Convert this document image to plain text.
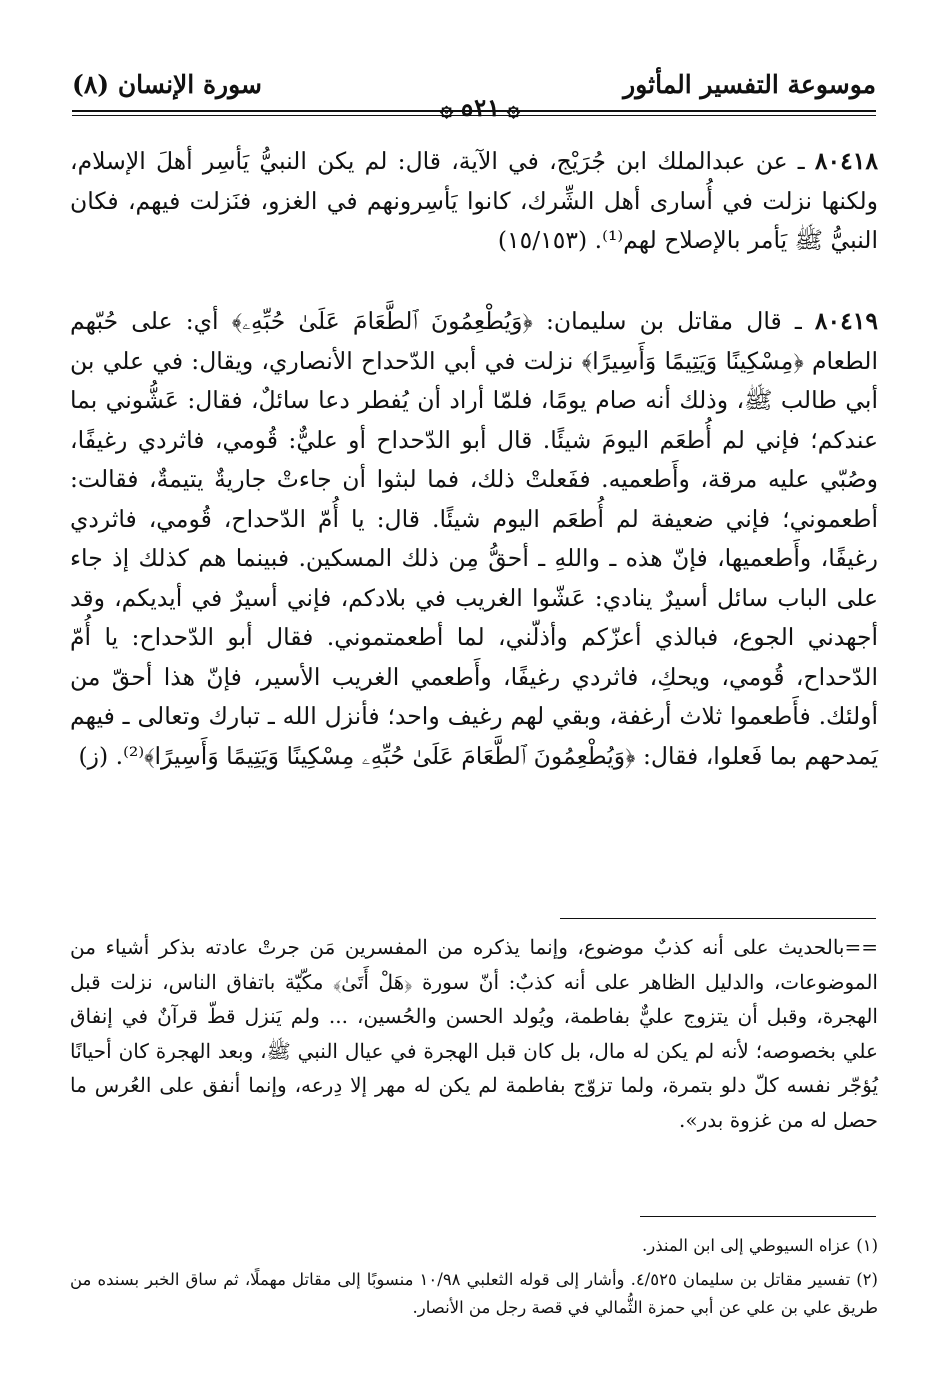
موسوعة التفسير المأثور
۞ ٥٢١ ۞
سورة الإنسان (٨)

٨٠٤١٨ ـ عن عبدالملك ابن جُرَيْج، في الآية، قال: لم يكن النبيُّ يَأسِر أهلَ الإسلام، ولكنها نزلت في أُسارى أهل الشِّرك، كانوا يَأسِرونهم في الغزو، فنَزلت فيهم، فكان النبيُّ ﷺ يَأمر بالإصلاح لهم⁽¹⁾. (١٥/١٥٣)

٨٠٤١٩ ـ قال مقاتل بن سليمان: ﴿وَيُطْعِمُونَ ٱلطَّعَامَ عَلَىٰ حُبِّهِۦ﴾ أي: على حُبّهم الطعام ﴿مِسْكِينًا وَيَتِيمًا وَأَسِيرًا﴾ نزلت في أبي الدّحداح الأنصاري، ويقال: في علي بن أبي طالب ﷺ، وذلك أنه صام يومًا، فلمّا أراد أن يُفطر دعا سائلٌ، فقال: عَشُّوني بما عندكم؛ فإني لم أُطعَم اليومَ شيئًا. قال أبو الدّحداح أو عليٌّ: قُومي، فاثردي رغيفًا، وصُبّي عليه مرقة، وأَطعميه. ففَعلتْ ذلك، فما لبثوا أن جاءتْ جاريةٌ يتيمةٌ، فقالت: أطعموني؛ فإني ضعيفة لم أُطعَم اليوم شيئًا. قال: يا أُمّ الدّحداح، قُومي، فاثردي رغيفًا، وأَطعميها، فإنّ هذه ـ واللهِ ـ أحقُّ مِن ذلك المسكين. فبينما هم كذلك إذ جاء على الباب سائل أسيرٌ ينادي: عَشّوا الغريب في بلادكم، فإني أسيرٌ في أيديكم، وقد أجهدني الجوع، فبالذي أعزّكم وأذلّني، لما أطعمتموني. فقال أبو الدّحداح: يا أُمّ الدّحداح، قُومي، ويحكِ، فاثردي رغيفًا، وأَطعمي الغريب الأسير، فإنّ هذا أحقّ من أولئك. فأَطعموا ثلاث أرغفة، وبقي لهم رغيف واحد؛ فأنزل الله ـ تبارك وتعالى ـ فيهم يَمدحهم بما فَعلوا، فقال: ﴿وَيُطْعِمُونَ ٱلطَّعَامَ عَلَىٰ حُبِّهِۦ مِسْكِينًا وَيَتِيمًا وَأَسِيرًا﴾⁽²⁾. (ز)

==بالحديث على أنه كذبٌ موضوع، وإنما يذكره من المفسرين مَن جرتْ عادته بذكر أشياء من الموضوعات، والدليل الظاهر على أنه كذبٌ: أنّ سورة ﴿هَلْ أَتَىٰ﴾ مكّيّة باتفاق الناس، نزلت قبل الهجرة، وقبل أن يتزوج عليٌّ بفاطمة، ويُولد الحسن والحُسين، ... ولم يَنزل قطّ قرآنٌ في إنفاق علي بخصوصه؛ لأنه لم يكن له مال، بل كان قبل الهجرة في عيال النبي ﷺ، وبعد الهجرة كان أحيانًا يُؤجّر نفسه كلّ دلو بتمرة، ولما تزوّج بفاطمة لم يكن له مهر إلا دِرعه، وإنما أنفق على العُرس ما حصل له من غزوة بدر».

(١) عزاه السيوطي إلى ابن المنذر.

(٢) تفسير مقاتل بن سليمان ٤/٥٢٥. وأشار إلى قوله الثعلبي ١٠/٩٨ منسوبًا إلى مقاتل مهملًا، ثم ساق الخبر بسنده من طريق علي بن علي عن أبي حمزة الثُّمالي في قصة رجل من الأنصار.
